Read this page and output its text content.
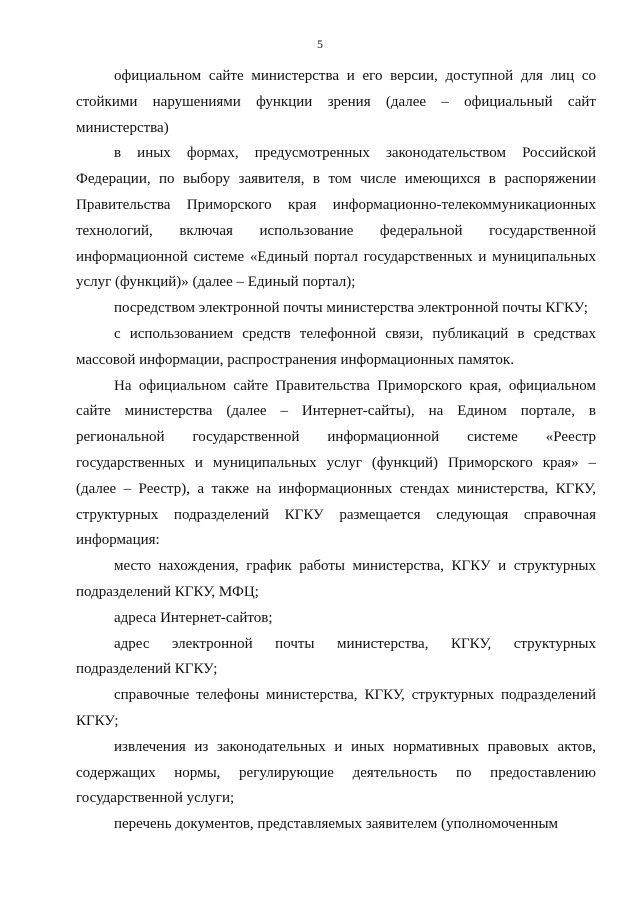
5

официальном сайте министерства и его версии, доступной для лиц со стойкими нарушениями функции зрения (далее – официальный сайт министерства)

в иных формах, предусмотренных законодательством Российской Федерации, по выбору заявителя, в том числе имеющихся в распоряжении Правительства Приморского края информационно-телекоммуникационных технологий, включая использование федеральной государственной информационной системе «Единый портал государственных и муниципальных услуг (функций)» (далее – Единый портал);

посредством электронной почты министерства электронной почты КГКУ;

с использованием средств телефонной связи, публикаций в средствах массовой информации, распространения информационных памяток.

На официальном сайте Правительства Приморского края, официальном сайте министерства (далее – Интернет-сайты), на Едином портале, в региональной государственной информационной системе «Реестр государственных и муниципальных услуг (функций) Приморского края» – (далее – Реестр), а также на информационных стендах министерства, КГКУ, структурных подразделений КГКУ размещается следующая справочная информация:

место нахождения, график работы министерства, КГКУ и структурных подразделений КГКУ, МФЦ;

адреса Интернет-сайтов;

адрес электронной почты министерства, КГКУ, структурных подразделений КГКУ;

справочные телефоны министерства, КГКУ, структурных подразделений КГКУ;

извлечения из законодательных и иных нормативных правовых актов, содержащих нормы, регулирующие деятельность по предоставлению государственной услуги;

перечень документов, представляемых заявителем (уполномоченным
